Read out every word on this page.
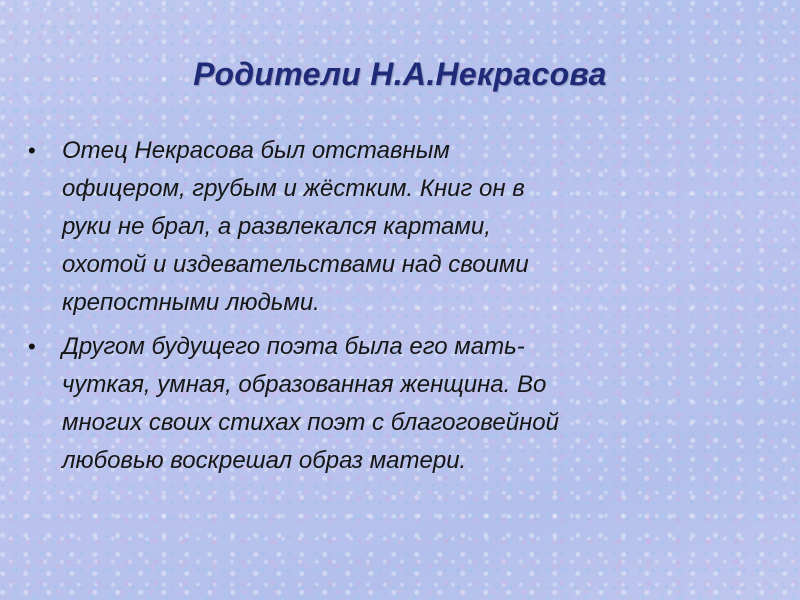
Родители Н.А.Некрасова
•	Отец Некрасова был отставным
офицером, грубым и жёстким. Книг он в
руки не брал, а развлекался картами,
охотой и издевательствами над своими
крепостными людьми.
•	Другом будущего поэта была его мать-
чуткая, умная, образованная женщина. Во
многих своих стихах поэт с благоговейной
любовью воскрешал образ матери.
